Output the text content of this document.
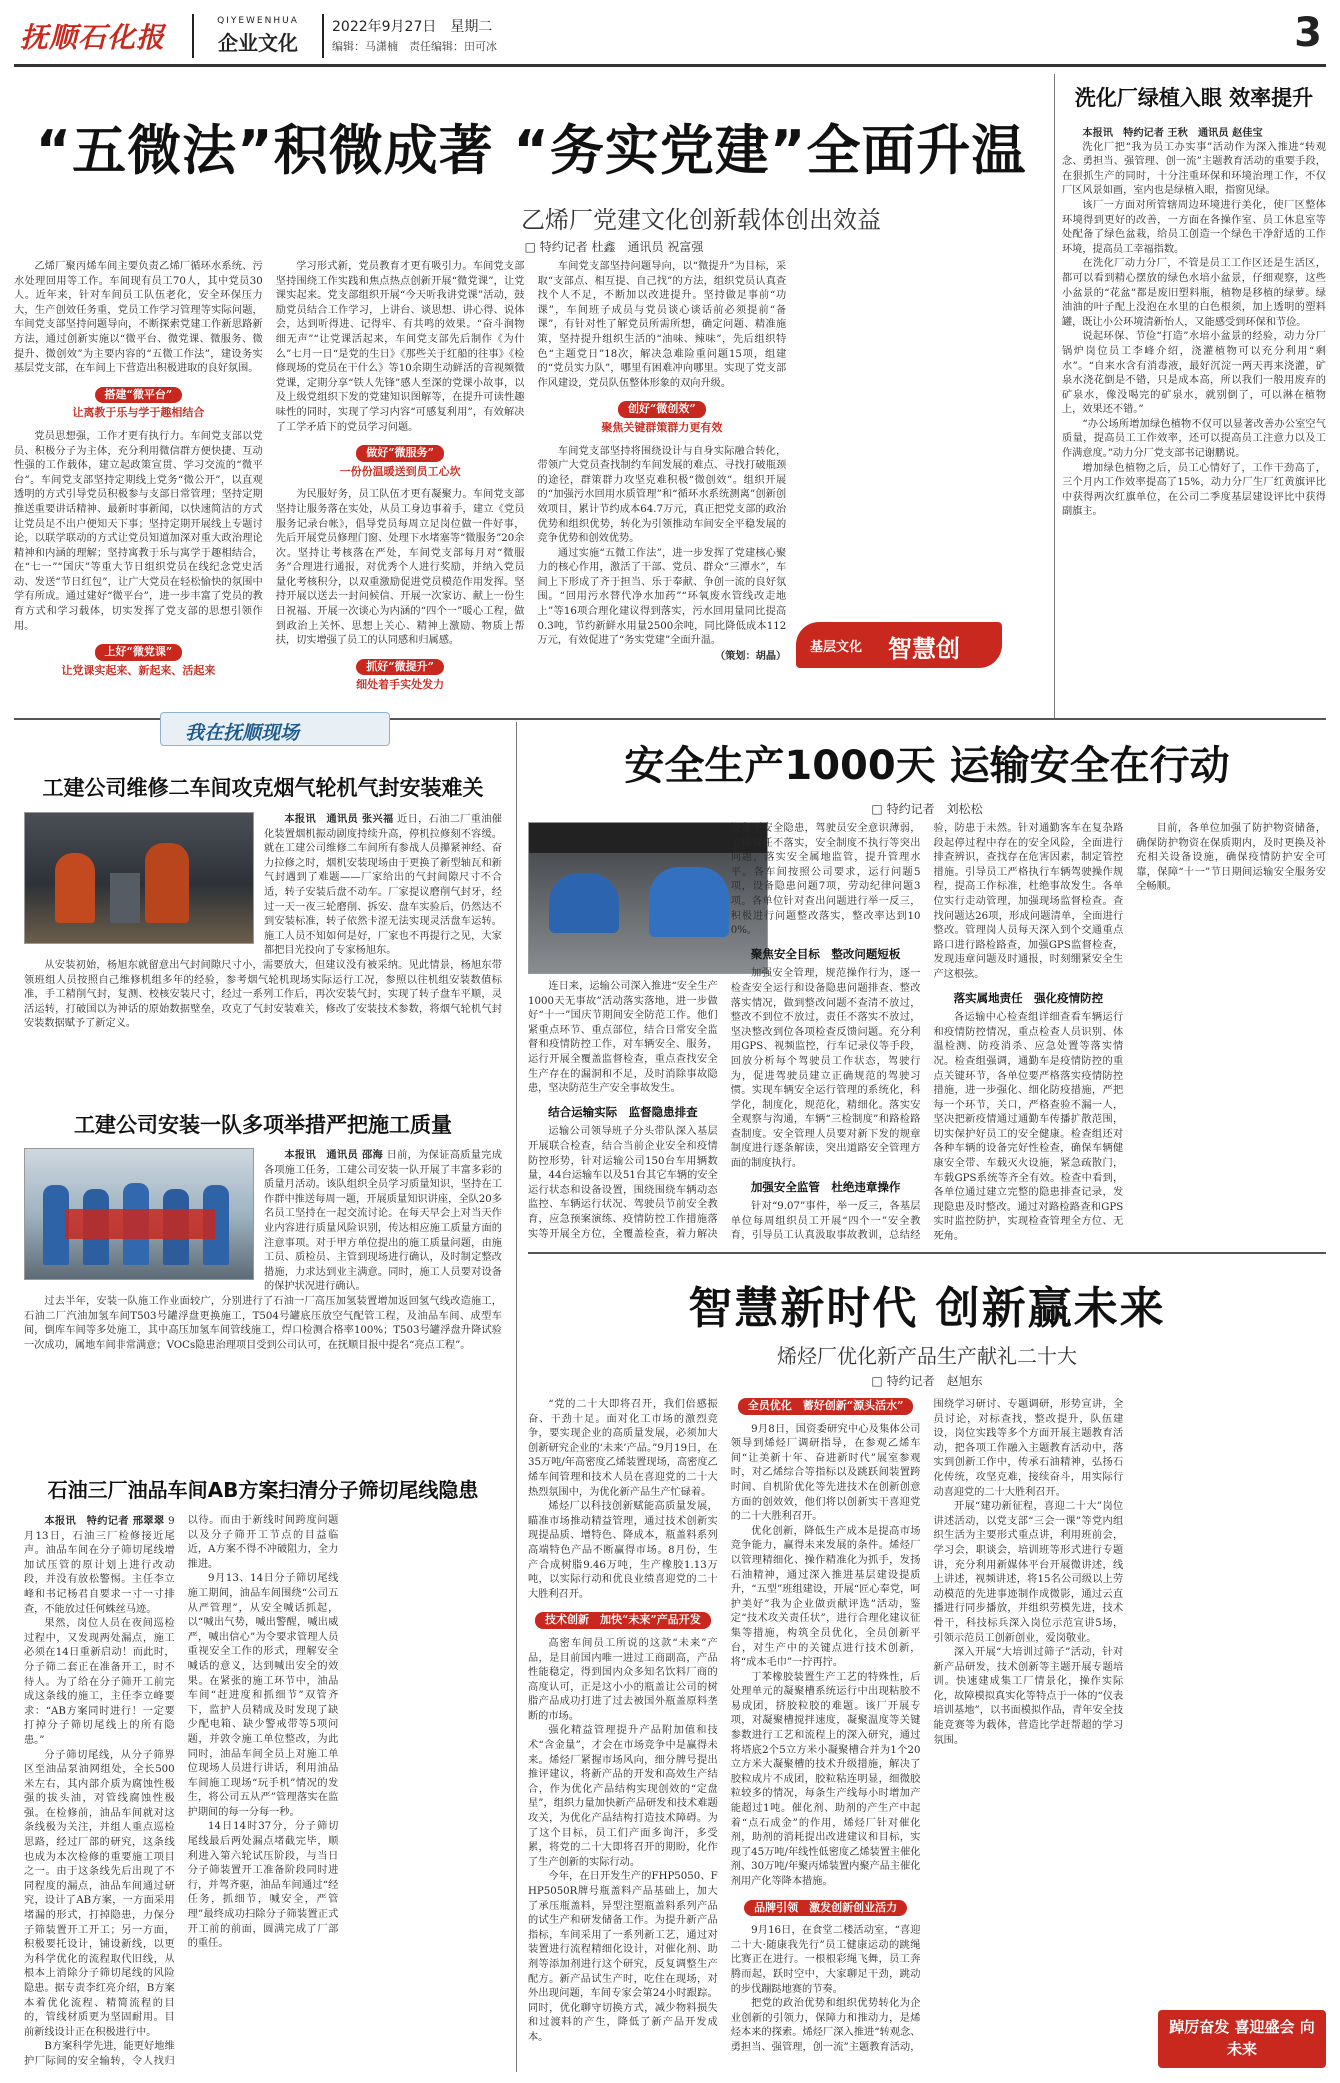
抚顺石化报	QIYEWENHUA
企业文化
2022年9月27日　星期二
编辑：马潇楠　责任编辑：田可冰	3
“五微法”积微成著 “务实党建”全面升温
乙烯厂党建文化创新载体创出效益
□ 特约记者 杜鑫　通讯员 祝富强

乙烯厂聚丙烯车间主要负责乙烯厂循环水系统、污水处理回用等工作。车间现有员工70人，其中党员30人。近年来，针对车间员工队伍老化，安全环保压力大，生产创效任务重，党员工作学习管理等实际问题，车间党支部坚持问题导向，不断探索党建工作新思路新方法，通过创新实施以“微平台、微党课、微服务、微提升、微创效”为主要内容的“五微工作法”，建设务实基层党支部，在车间上下营造出积极进取的良好氛围。

搭建“微平台”
让离教于乐与学于趣相结合

党员思想强，工作才更有执行力。车间党支部以党员、积极分子为主体，充分利用微信群方便快捷、互动性强的工作载体，建立起政策宣贯、学习交流的“微平台”。车间党支部坚持定期线上党务“微公开”，以直观透明的方式引导党员积极参与支部日常管理；坚持定期推送重要讲话精神、最新时事新闻，以快速简洁的方式让党员足不出户便知天下事；坚持定期开展线上专题讨论，以联学联动的方式让党员知道加深对重大政治理论精神和内涵的理解；坚持寓教于乐与寓学于趣相结合，在“七一”“国庆”等重大节日组织党员在线纪念党史活动、发送“节日红包”，让广大党员在轻松愉快的氛围中学有所成。通过建好“微平台”，进一步丰富了党员的教育方式和学习载体，切实发挥了党支部的思想引领作用。

上好“微党课”
让党课实起来、新起来、活起来

学习形式新，党员教育才更有吸引力。车间党支部坚持围绕工作实践和焦点热点创新开展“微党课”，让党课实起来。党支部组织开展“今天听我讲党课”活动，鼓励党员结合工作学习，上讲台、谈思想、讲心得、说体会，达到听得进、记得牢、有共鸣的效果。“奋斗润物细无声”“让党课活起来，车间党支部先后制作《为什么”七月一日“是党的生日》《那些关于红船的往事》《检修现场的党员在干什么》等10余期生动鲜活的音视频微党课，定期分享“铁人先锋”感人至深的党课小故事，以及上级党组织下发的党建知识图解等，在提升可读性趣味性的同时，实现了学习内容“可感复利用”，有效解决了工学矛盾下的党员学习问题。

做好“微服务”
一份份温暖送到员工心坎

为民服好务，员工队伍才更有凝聚力。车间党支部坚持让服务落在实处，从员工身边事着手，建立《党员服务记录台帐》，倡导党员每周立足岗位做一件好事，先后开展党员修理门窗、处理下水堵塞等“微服务”20余次。坚持让考核落在严处，车间党支部每月对“微服务”合理进行通报，对优秀个人进行奖励，并纳入党员量化考核积分，以双重激励促进党员模范作用发挥。坚持开展以送去一封问候信、开展一次家访、献上一份生日祝福、开展一次谈心为内涵的“四个一”暖心工程，做到政治上关怀、思想上关心、精神上激励、物质上帮扶，切实增强了员工的认同感和归属感。

抓好“微提升”
细处着手实处发力

车间党支部坚持问题导向，以“微提升”为目标，采取“支部点、相互提、自己找”的方法，组织党员认真查找个人不足，不断加以改进提升。坚持做足事前“功课”，车间班子成员与党员谈心谈话前必须提前“备课”，有针对性了解党员所需所想，确定问题、精准施策，坚持提升组织生活的“油味、辣味”，先后组织特色“主题党日”18次，解决急难险重问题15项，组建的“党员实力队”，哪里有困难冲向哪里。实现了党支部作风建设，党员队伍整体形象的双向升级。

创好“微创效”
聚焦关键群策群力更有效

车间党支部坚持将围绕设计与自身实际融合转化，带领广大党员查找制约车间发展的难点、寻找打破瓶颈的途径，群策群力攻坚克难积极“微创效”。组织开展的“加强污水回用水质管理”和“循环水系统测离”创新创效项目，累计节约成本64.7万元，真正把党支部的政治优势和组织优势，转化为引领推动车间安全平稳发展的竞争优势和创效优势。

通过实施“五微工作法”，进一步发挥了党建核心聚力的核心作用，激活了干部、党员、群众“三潭水”，车间上下形成了齐于担当、乐于奉献、争创一流的良好氛围。“回用污水替代净水加药”“环氧废水管线改走地上”等16项合理化建议得到落实，污水回用量同比提高0.3吨，节约新鲜水用量2500余吨，同比降低成本112万元，有效促进了“务实党建”全面升温。

（策划：胡晶）

洗化厂绿植入眼 效率提升

本报讯　特约记者 王秋　通讯员 赵佳宝

洗化厂把“我为员工办实事”活动作为深入推进“转观念、勇担当、强管理、创一流”主题教育活动的重要手段，在狠抓生产的同时，十分注重环保和环境治理工作，不仅厂区风景如画，室内也是绿植入眼，指窗见绿。

该厂一方面对所管辖周边环境进行美化，使厂区整体环境得到更好的改善，一方面在各操作室、员工休息室等处配备了绿色盆栽，给员工创造一个绿色干净舒适的工作环境，提高员工幸福指数。

在洗化厂动力分厂，不管是员工工作区还是生活区，都可以看到精心摆放的绿色水培小盆景，仔细观察，这些小盆景的“花盆”都是废旧塑料瓶，植物是移植的绿萝。绿油油的叶子配上没泡在水里的白色根须，加上透明的塑料罐，既让小公环境清新怡人，又能感受到环保和节俭。

说起环保、节俭“打造”水培小盆景的经验，动力分厂锅炉岗位员工李峰介绍，浇灌植物可以充分利用“剩水”。“自来水含有消毒液，最好沉淀一两天再来浇灌，矿泉水浇花倒是不错，只是成本高，所以我们一般用废弃的矿泉水，像没喝完的矿泉水，就别倒了，可以淋在植物上，效果还不错。”

“办公场所增加绿色植物不仅可以显著改善办公室空气质量，提高员工工作效率，还可以提高员工注意力以及工作满意度。”动力分厂党支部书记谢鹏说。

增加绿色植物之后，员工心情好了，工作干劲高了，三个月内工作效率提高了15%，动力分厂生厂红黄旗评比中获得两次红旗单位，在公司二季度基层建设评比中获得副旗主。

基层文化 智慧创
我在抚顺现场
工建公司维修二车间攻克烟气轮机气封安装难关

本报讯　通讯员 张兴福 近日，石油二厂重油催化装置烟机振动剧度持续升高，停机拉修刻不容缓。就在工建公司维修二车间所有参战人员攥紧神经、奋力拉修之时，烟机安装现场由于更换了新型轴瓦和新气封遇到了难题——厂家给出的气封间隙尺寸不合适，转子安装后盘不动车。厂家提议磨削气封牙，经过一天一夜三轮磨削、拆安、盘车实验后，仍然达不到安装标准，转子依然卡涩无法实现灵活盘车运转。施工人员不知如何是好，厂家也不再提行之见，大家都把目光投向了专家杨旭东。

从安装初始，杨旭东就留意出气封间隙尺寸小，需要放大，但建议没有被采纳。见此情景，杨旭东带领班组人员按照自己维修机组多年的经验，参考烟气轮机现场实际运行工况，参照以往机组安装数值标准，手工精削气封，复测、校核安装尺寸，经过一系列工作后，再次安装气封，实现了转子盘车平顺，灵活运转，打破国以为神话的原始数据壁垒，攻克了气封安装难关，修改了安装技术参数，将烟气轮机气封安装数据赋予了新定义。

工建公司安装一队多项举措严把施工质量

本报讯　通讯员 邵海 日前，为保证高质量完成各项施工任务，工建公司安装一队开展了丰富多彩的质量月活动。该队组织全员学习质量知识，坚持在工作群中推送每周一题，开展质量知识讲座，全队20多名员工坚持在一起交流讨论。在每天早会上对当天作业内容进行质量风险识别，传达相应施工质量方面的注意事项。对于甲方单位提出的施工质量问题，由施工员、质检员、主管到现场进行确认，及时制定整改措施，力求达到业主满意。同时，施工人员要对设备的保护状况进行确认。

过去半年，安装一队施工作业面较广，分别进行了石油一厂高压加氢装置增加返回氢气线改造施工，石油二厂汽油加氢车间T503号罐浮盘更换施工，T504号罐底压放空气配管工程，及油品车间、成型车间，倒库车间等多处施工，其中高压加氢车间管线施工，焊口检测合格率100%；T503号罐浮盘升降试验一次成功，属地车间非常满意；VOCs隐患治理项目受到公司认可，在抚顺目报中提名“亮点工程”。

石油三厂油品车间AB方案扫清分子筛切尾线隐患

本报讯　特约记者 邢翠翠 9月13日，石油三厂检修接近尾声。油品车间在分子筛切尾线增加试压管的原计划上进行改动段，并没有放松警惕。主任李立峰和书记杨君自要求一寸一寸排查，不能放过任何蛛丝马迹。

果然，岗位人员在夜间巡检过程中，又发现两处漏点，施工必须在14日重新启动！而此时，分子筛二套正在准备开工，时不待人。为了给在分子筛开工前完成这条线的施工，主任李立峰要求：“AB方案同时进行！一定要打掉分子筛切尾线上的所有隐患。”

分子筛切尾线，从分子筛界区至油品泵油网组处，全长500米左右，其内部介质为腐蚀性极强的拔头油，对管线腐蚀性极强。在检修前，油品车间就对这条线极为关注，并组人重点巡检思路，经过厂部的研究，这条线也成为本次检修的重要施工项目之一。由于这条线先后出现了不同程度的漏点，油品车间通过研究，设计了AB方案，一方面采用堵漏的形式，打掉隐患，力保分子筛装置开工开工；另一方面，积极要托设计，铺设新线，以更为科学优化的流程取代旧线，从根本上消除分子筛切尾线的风险隐患。据专责李红亮介绍，B方案本着优化流程、精简流程的目的，管线材质更为坚固耐用。目前新线设计正在积极进行中。

B方案科学先进，能更好地维护厂际间的安全输转，令人找归以待。而由于新线时间跨度问题以及分子筛开工节点的目益临近，A方案不得不冲破阻力，全力推进。

9月13、14日分子筛切尾线施工期间，油品车间围绕“公司五从严管理”，从安全喊话抓起，以“喊出气势，喊出警醒，喊出威严，喊出信心”为令要求管理人员重视安全工作的形式，理解安全喊话的意义，达到喊出安全的效果。在紧张的施工环节中，油品车间“赶进度和抓细节”双管齐下，监护人员精成及时发现了缺少配电箱、缺少警戒带等5项问题，并敦令施工单位整改，为此同时，油品车间全员上对施工单位现场人员进行讲话，利用油品车间施工现场“玩手机”情况的发生，将公司五从严”管理落实在监护期间的每一分每一秒。

14日14时37分，分子筛切尾线最后两处漏点堵截完毕，顺利进入第六轮试压阶段，与当日分子筛装置开工准备阶段同时进行，并驾齐驱，油品车间通过“经任务，抓细节，喊安全，严管理”最终成功扫除分子筛装置正式开工前的前面，圆满完成了厂部的重任。

安全生产1000天 运输安全在行动
□ 特约记者　刘松松

连日来，运输公司深入推进“安全生产1000天无事故”活动落实落地，进一步做好“十一”国庆节期间安全防范工作。他们紧重点环节、重点部位，结合日常安全监督和疫情防控工作，对车辆安全、服务，运行开展全覆盖监督检查，重点查找安全生产存在的漏洞和不足，及时消除事故隐患，坚决防范生产安全事故发生。

结合运输实际　监督隐患排查

运输公司领导班子分头带队深入基层开展联合检查，结合当前企业安全和疫情防控形势，针对运输公司150台车用辆数量，44台运输车以及51台其它车辆的安全运行状态和设备设置，围绕围绕车辆动态监控、车辆运行状况、驾驶员节前安全教育，应急预案演练、疫情防控工作措施落实等开展全方位，全覆盖检查，着力解决设备不安全隐患，驾驶员安全意识薄弱，主体责任不落实，安全制度不执行等突出问题，落实安全属地监管，提升管理水平。各车间按照公司要求，运行问题5项，设备隐患问题7项，劳动纪律问题3项。各单位针对查出问题进行举一反三，积极进行问题整改落实，整改率达到100%。

聚焦安全目标　整改问题短板

加强安全管理，规范操作行为，逐一检查安全运行和设备隐患问题排查、整改落实情况，做到整改问题不查清不放过，整改不到位不放过，责任不落实不放过，坚决整改到位各项检查反馈问题。充分利用GPS、视频监控，行车记录仪等手段，回放分析每个驾驶员工作状态，驾驶行为，促进驾驶员建立正确规范的驾驶习惯。实现车辆安全运行管理的系统化，科学化，制度化，规范化，精细化。落实安全观察与沟通，车辆“三检制度”和路检路查制度。安全管理人员要对新下发的规章制度进行逐条解读，突出道路安全管理方面的制度执行。

加强安全监管　杜绝违章操作

针对“9.07”事件，举一反三，各基层单位每周组织员工开展“四个一”安全教育，引导员工认真汲取事故教训，总结经验，防患于未然。针对通勤客车在复杂路段起停过程中存在的安全风险，全面进行排查辨识，查找存在危害因素，制定管控措施。引导员工严格执行车辆驾驶操作规程，提高工作标准，杜绝事故发生。各单位实行走动管理，加强现场监督检查。查找问题达26项，形成问题清单，全面进行整改。管理岗人员每天深入到个交通重点路口进行路检路查，加强GPS监督检查，发现违章问题及时通报，时刻绷紧安全生产这根弦。

落实属地责任　强化疫情防控

各运输中心检查组详细查看车辆运行和疫情防控情况，重点检查人员识别、体温检测、防疫消杀、应急处置等落实情况。检查组强调，通勤车是疫情防控的重点关键环节，各单位要严格落实疫情防控措施，进一步强化、细化防疫措施，严把每一个环节，关口，严格查验不漏一人，坚决把新疫情通过通勤车传播扩散范围，切实保护好员工的安全健康。检查组还对各种车辆的设备完好性检查，确保车辆健康安全带、车载灭火设施，紧急疏散门，车载GPS系统等齐全有效。检查中看到，各单位通过建立完整的隐患排查记录，发现隐患及时整改。通过对路检路查和GPS实时监控防护，实现检查管理全方位、无死角。

目前，各单位加强了防护物资储备，确保防护物资在保质期内，及时更换及补充相关设备设施，确保疫情防护安全可靠，保障“十一”节日期间运输安全服务安全畅顺。

智慧新时代 创新赢未来
烯烃厂优化新产品生产献礼二十大
□ 特约记者　赵旭东

“党的二十大即将召开，我们倍感振奋、干劲十足。面对化工市场的激烈竞争，要实现企业的高质量发展，必须加大创新研究企业的‘未来’产品。”9月19日，在35万吨/年高密度乙烯装置现场，高密度乙烯车间管理和技术人员在喜迎党的二十大热烈氛围中，为优化新产品生产忙碌着。

烯烃厂以科技创新赋能高质量发展，瞄准市场推动精益管理，通过技术创新实现提品质、增特色、降成本，瓶盖料系列高端特色产品不断赢得市场。8月份，生产合成树脂9.46万吨，生产橡胶1.13万吨，以实际行动和优良业绩喜迎党的二十大胜利召开。

技术创新　加快“未来”产品开发

高密车间员工所说的这款“未来”产品，是目前国内唯一进过工商副高，产品性能稳定，得到国内众多知名饮料厂商的高度认可，正是这小小的瓶盖让公司的树脂产品成功打进了过去被国外瓶盖原料垄断的市场。

强化精益管理提升产品附加值和技术“含金量”，才会在市场竞争中是赢得未来。烯烃厂紧握市场风向，细分牌号提出推评建议，将新产品的开发和高效生产结合，作为优化产品结构实现创效的“定盘星”，组织力量加快新产品研发和技术难题攻关，为优化产品结构打造技术障碍。为了这个目标，员工们产面多询汗，多受累，将党的二十大即将召开的期盼，化作了生产创新的实际行动。

今年，在日开发生产的FHP5050、FHP5050R牌号瓶盖料产品基础上，加大了承压瓶盖料，异型注塑瓶盖料系列产品的试生产和研发储备工作。为提升新产品指标，车间采用了一系列新工艺，通过对装置进行流程精细化设计，对催化剂、助剂等添加剂进行这个研究，反复调整生产配方。新产品试生产时，吃住在现场，对外出现问题，车间专家会第24小时跟踪。同时，优化聊守切换方式，减少物料损失和过渡料的产生，降低了新产品开发成本。

全员优化　蓄好创新“源头活水”

9月8日，国资委研究中心及集体公司领导到烯烃厂调研指导，在参观乙烯车间“让美新十年、奋进新时代”展室参观时，对乙烯综合等指标以及跳跃间装置跨时间、自机阶优化等先进技术在创新创意方面的创效效，他们将以创新实干喜迎党的二十大胜利召开。

优化创新，降低生产成本是提高市场竞争能力，赢得未来发展的条件。烯烃厂以管理精细化、操作精准化为抓手，发扬石油精神，通过深入推进基层建设提质升，“五型”班组建设，开展“匠心奉党，呵护美好”我为企业做贡献评选”活动，鉴定“技术攻关责任状”，进行合理化建议征集等措施，构筑全员优化，全员创新平台，对生产中的关键点进行技术创新，将“成本毛巾”一拧再拧。

丁苯橡胶装置生产工艺的特殊性，后处理单元的凝聚槽系统运行中出现粘胶不易成团，挤胶粒胶的难题。该厂开展专项，对凝聚槽搅拌速度，凝聚温度等关键参数进行工艺和流程上的深入研究，通过将塔底2个5立方米小凝聚槽合并为1个20立方米大凝聚槽的技术升级措施，解决了胶粒成片不成团，胶粒粘连明显，细微胶粒较多的情况，每条生产线每小时增加产能超过1吨。催化剂、助剂的产生产中起着“点石成金”的作用，烯烃厂针对催化剂，助剂的消耗提出改进建议和目标，实现了45万吨/年线性低密度乙烯装置主催化剂、30万吨/年聚丙烯装置内聚产品主催化剂用产化等降本措施。

品牌引领　激发创新创业活力

9月16日，在食堂二楼活动室，“喜迎二十大·随康我先行”员工健康运动的跳绳比赛正在进行。一根根彩绳飞舞，员工奔腾而起，跃时空中，大家聊足干劲，跳动的步伐蹦跶地赛的节奏。

把党的政治优势和组织优势转化为企业创新的引领力，保障力和推动力，是烯烃本来的探索。烯烃厂深入推进“转观念、勇担当、强管理，创一流”主题教育活动，围绕学习研讨、专题调研，形势宣讲，全员讨论，对标查找，整改提升，队伍建设，岗位实践等多个方面开展主题教育活动，把各项工作融入主题教育活动中，落实到创新工作中，传承石油精神，弘扬石化传统，攻坚克难，接续奋斗，用实际行动喜迎党的二十大胜利召开。

开展“建功新征程，喜迎二十大”岗位讲述活动，以党支部“三会一课”等党内组织生活为主要形式重点讲，利用班前会，学习会，职谈会，培训班等形式进行专题讲，充分利用新媒体平台开展微讲述，线上讲述，视频讲述，将15名公司级以上劳动模范的先进事迹制作成微影，通过云直播进行同步播放，并组织劳模先进，技术骨干，科技标兵深入岗位示范宣讲5场，引领示范员工创新创业，爱岗敬业。

深入开展“大培训过筛子”活动，针对新产品研发，技术创新等主题开展专题培训。快速建成集工厂情景化，操作实际化，故障模拟真实化等特点于一体的“仪表培训基地”，以书面模拟作品，青年安全技能竞赛等为载体，营造比学赶帮超的学习氛围。

踔厉奋发 喜迎盛会 向未来
